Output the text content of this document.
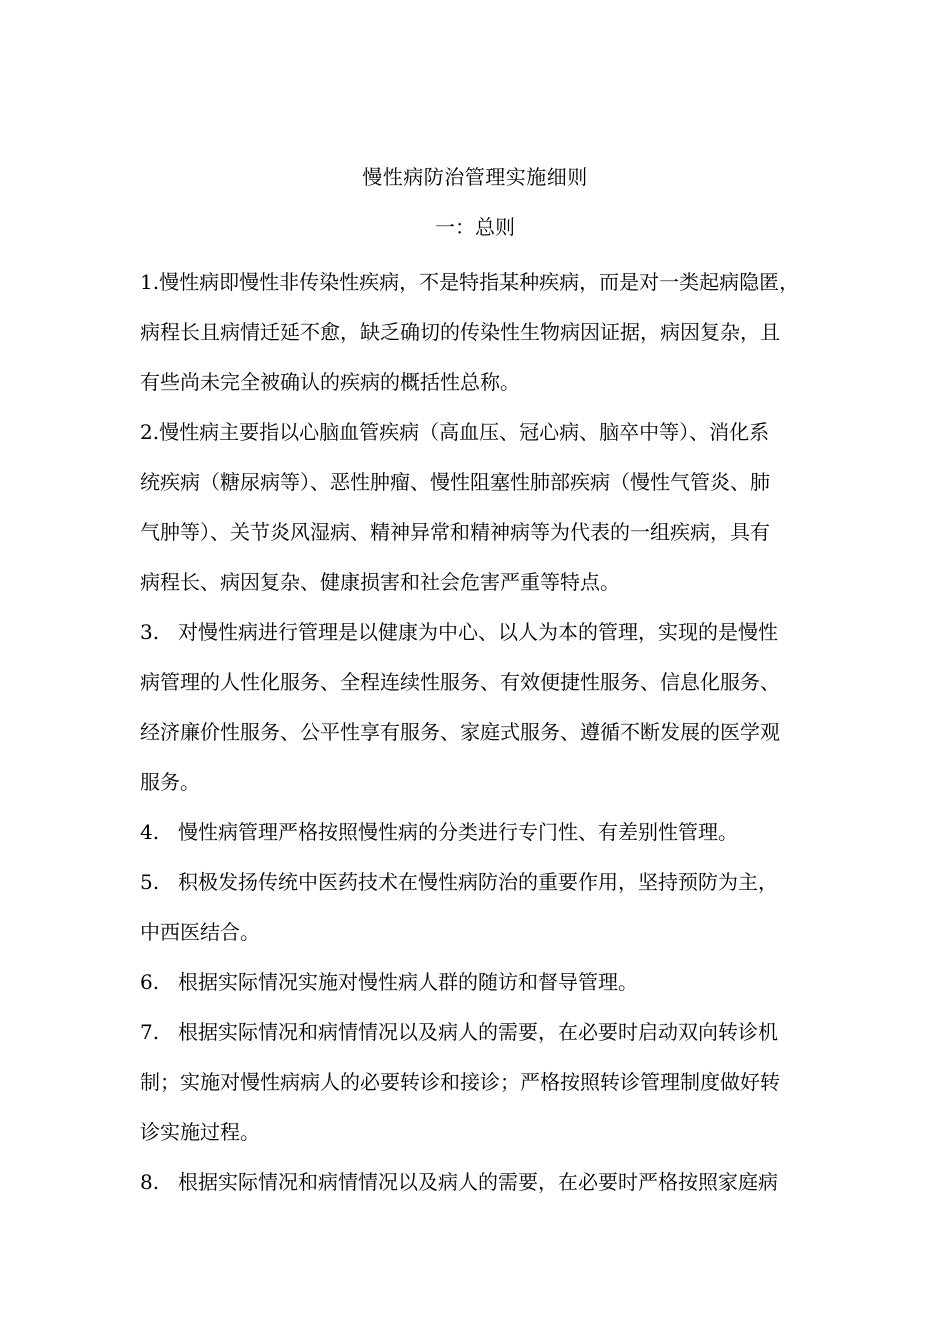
慢性病防治管理实施细则
一：总则
1.慢性病即慢性非传染性疾病，不是特指某种疾病，而是对一类起病隐匿，
病程长且病情迁延不愈，缺乏确切的传染性生物病因证据，病因复杂，且
有些尚未完全被确认的疾病的概括性总称。
2.慢性病主要指以心脑血管疾病（高血压、冠心病、脑卒中等）、消化系
统疾病（糖尿病等）、恶性肿瘤、慢性阻塞性肺部疾病（慢性气管炎、肺
气肿等）、关节炎风湿病、精神异常和精神病等为代表的一组疾病，具有
病程长、病因复杂、健康损害和社会危害严重等特点。
3. 对慢性病进行管理是以健康为中心、以人为本的管理，实现的是慢性
病管理的人性化服务、全程连续性服务、有效便捷性服务、信息化服务、
经济廉价性服务、公平性享有服务、家庭式服务、遵循不断发展的医学观
服务。
4. 慢性病管理严格按照慢性病的分类进行专门性、有差别性管理。
5. 积极发扬传统中医药技术在慢性病防治的重要作用，坚持预防为主，
中西医结合。
6. 根据实际情况实施对慢性病人群的随访和督导管理。
7. 根据实际情况和病情情况以及病人的需要，在必要时启动双向转诊机
制；实施对慢性病病人的必要转诊和接诊；严格按照转诊管理制度做好转
诊实施过程。
8. 根据实际情况和病情情况以及病人的需要，在必要时严格按照家庭病
